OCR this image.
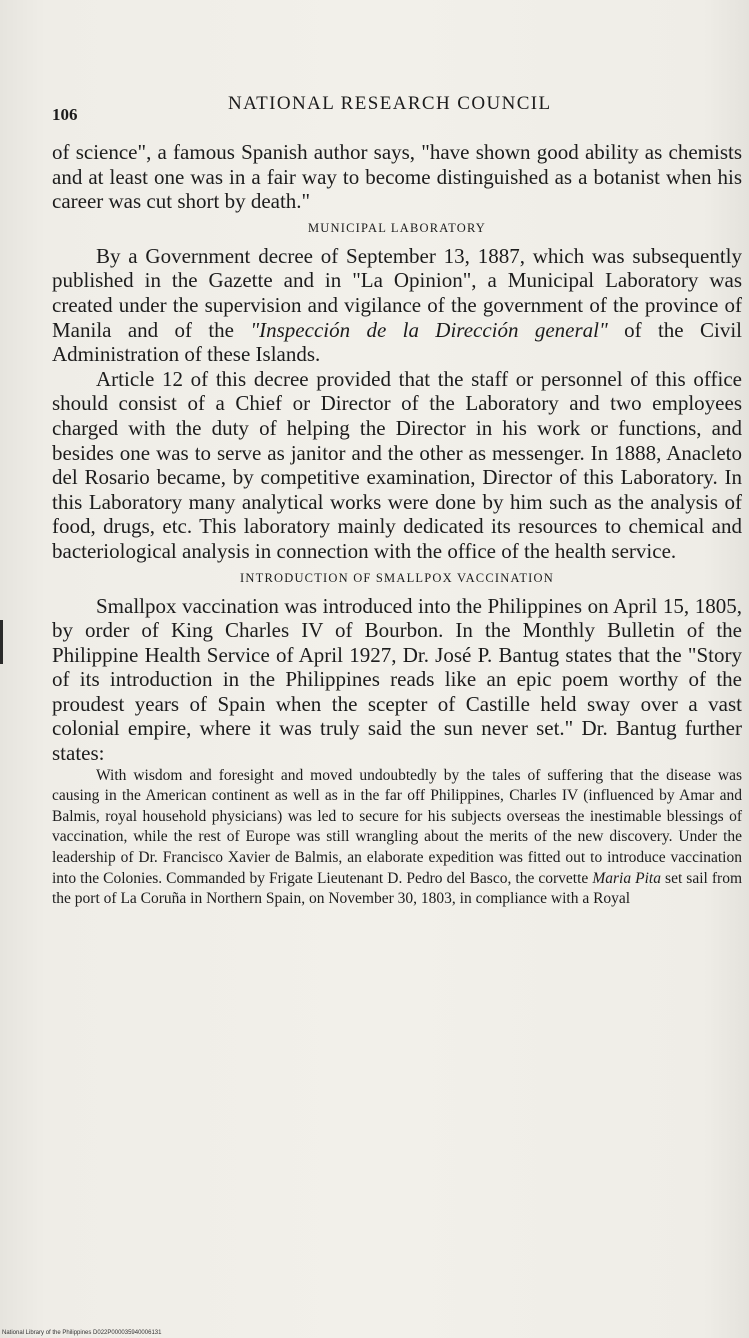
106
NATIONAL RESEARCH COUNCIL

of science", a famous Spanish author says, "have shown good ability as chemists and at least one was in a fair way to become distinguished as a botanist when his career was cut short by death."

MUNICIPAL LABORATORY

By a Government decree of September 13, 1887, which was subsequently published in the Gazette and in "La Opinion", a Municipal Laboratory was created under the supervision and vigilance of the government of the province of Manila and of the "Inspección de la Dirección general" of the Civil Administration of these Islands.

Article 12 of this decree provided that the staff or personnel of this office should consist of a Chief or Director of the Laboratory and two employees charged with the duty of helping the Director in his work or functions, and besides one was to serve as janitor and the other as messenger. In 1888, Anacleto del Rosario became, by competitive examination, Director of this Laboratory. In this Laboratory many analytical works were done by him such as the analysis of food, drugs, etc. This laboratory mainly dedicated its resources to chemical and bacteriological analysis in connection with the office of the health service.

INTRODUCTION OF SMALLPOX VACCINATION

Smallpox vaccination was introduced into the Philippines on April 15, 1805, by order of King Charles IV of Bourbon. In the Monthly Bulletin of the Philippine Health Service of April 1927, Dr. José P. Bantug states that the "Story of its introduction in the Philippines reads like an epic poem worthy of the proudest years of Spain when the scepter of Castille held sway over a vast colonial empire, where it was truly said the sun never set." Dr. Bantug further states:

With wisdom and foresight and moved undoubtedly by the tales of suffering that the disease was causing in the American continent as well as in the far off Philippines, Charles IV (influenced by Amar and Balmis, royal household physicians) was led to secure for his subjects overseas the inestimable blessings of vaccination, while the rest of Europe was still wrangling about the merits of the new discovery. Under the leadership of Dr. Francisco Xavier de Balmis, an elaborate expedition was fitted out to introduce vaccination into the Colonies. Commanded by Frigate Lieutenant D. Pedro del Basco, the corvette Maria Pita set sail from the port of La Coruña in Northern Spain, on November 30, 1803, in compliance with a Royal

National Library of the Philippines D022P000035940006131
